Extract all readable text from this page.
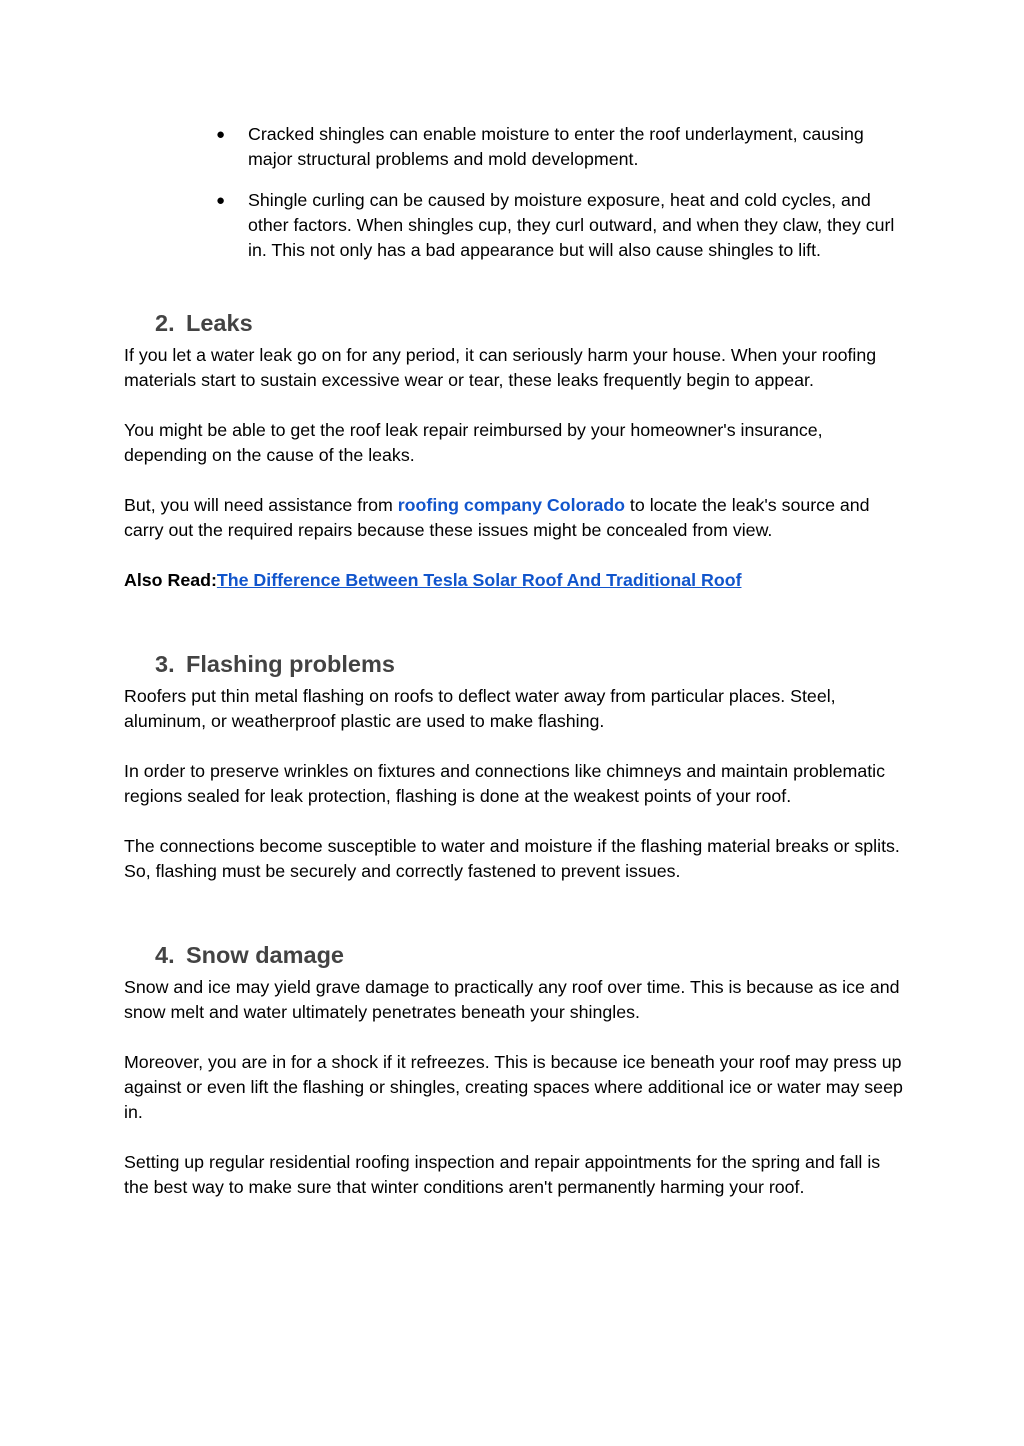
● Cracked shingles can enable moisture to enter the roof underlayment, causing major structural problems and mold development.
● Shingle curling can be caused by moisture exposure, heat and cold cycles, and other factors. When shingles cup, they curl outward, and when they claw, they curl in. This not only has a bad appearance but will also cause shingles to lift.
2. Leaks

If you let a water leak go on for any period, it can seriously harm your house. When your roofing materials start to sustain excessive wear or tear, these leaks frequently begin to appear.

You might be able to get the roof leak repair reimbursed by your homeowner's insurance, depending on the cause of the leaks.

But, you will need assistance from roofing company Colorado to locate the leak's source and carry out the required repairs because these issues might be concealed from view.

Also Read:The Difference Between Tesla Solar Roof And Traditional Roof

3. Flashing problems

Roofers put thin metal flashing on roofs to deflect water away from particular places. Steel, aluminum, or weatherproof plastic are used to make flashing.

In order to preserve wrinkles on fixtures and connections like chimneys and maintain problematic regions sealed for leak protection, flashing is done at the weakest points of your roof.

The connections become susceptible to water and moisture if the flashing material breaks or splits. So, flashing must be securely and correctly fastened to prevent issues.

4. Snow damage

Snow and ice may yield grave damage to practically any roof over time. This is because as ice and snow melt and water ultimately penetrates beneath your shingles.

Moreover, you are in for a shock if it refreezes. This is because ice beneath your roof may press up against or even lift the flashing or shingles, creating spaces where additional ice or water may seep in.

Setting up regular residential roofing inspection and repair appointments for the spring and fall is the best way to make sure that winter conditions aren't permanently harming your roof.
